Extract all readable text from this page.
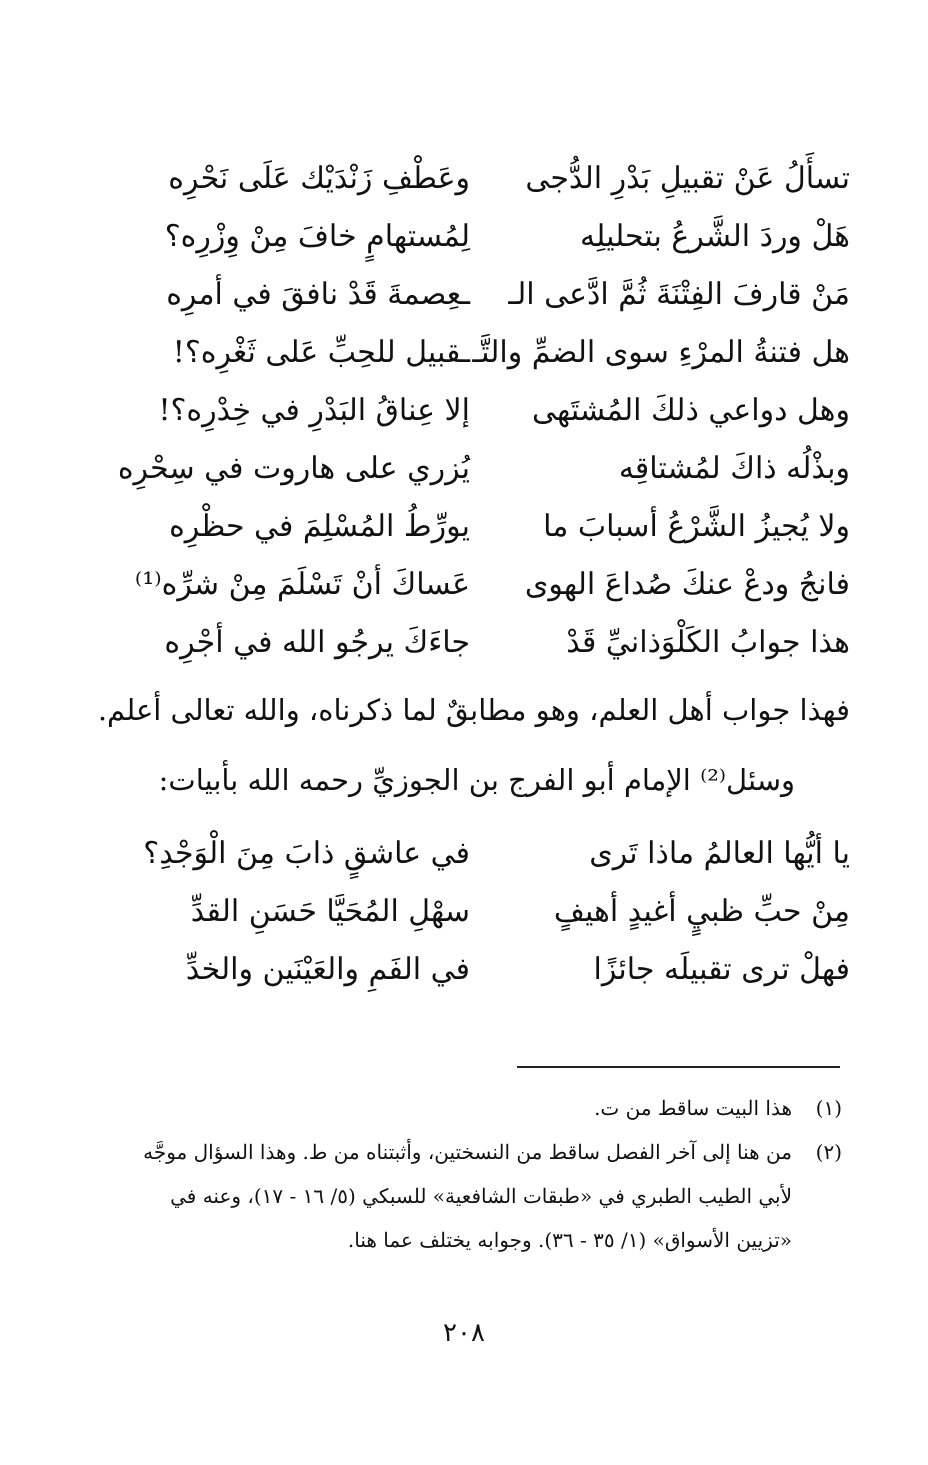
تسأَلُ عَنْ تقبيلِ بَدْرِ الدُّجى
وعَطْفِ زَنْدَيْك عَلَى نَحْرِه
هَلْ وردَ الشَّرعُ بتحليلِه
لِمُستهامٍ خافَ مِنْ وِزْرِه؟
مَنْ قارفَ الفِتْنَةَ ثُمَّ ادَّعى الـ
ـعِصمةَ قَدْ نافقَ في أمرِه
هل فتنةُ المرْءِ سوى الضمِّ والتَّـ
ـقبيل للحِبِّ عَلى ثَغْرِه؟!
وهل دواعي ذلكَ المُشتَهى
إلا عِناقُ البَدْرِ في خِدْرِه؟!
وبذْلُه ذاكَ لمُشتاقِه
يُزري على هاروت في سِحْرِه
ولا يُجيزُ الشَّرْعُ أسبابَ ما
يورِّطُ المُسْلِمَ في حظْرِه
فانجُ ودعْ عنكَ صُداعَ الهوى
عَساكَ أنْ تَسْلَمَ مِنْ شرِّه⁽¹⁾
هذا جوابُ الكَلْوَذانيِّ قَدْ
جاءَكَ يرجُو الله في أجْرِه
فهذا جواب أهل العلم، وهو مطابقٌ لما ذكرناه، والله تعالى أعلم.
وسئل⁽²⁾ الإمام أبو الفرج بن الجوزيِّ رحمه الله بأبيات:
يا أيُّها العالمُ ماذا تَرى
في عاشقٍ ذابَ مِنَ الْوَجْدِ؟
مِنْ حبِّ ظبيٍ أغيدٍ أهيفٍ
سهْلِ المُحَيَّا حَسَنِ القدِّ
فهلْ ترى تقبيلَه جائزًا
في الفَمِ والعَيْنَين والخدِّ
(١)هذا البيت ساقط من ت.
(٢)من هنا إلى آخر الفصل ساقط من النسختين، وأثبتناه من ط. وهذا السؤال موجَّه
لأبي الطيب الطبري في «طبقات الشافعية» للسبكي (٥/ ١٦ - ١٧)، وعنه في
«تزيين الأسواق» (١/ ٣٥ - ٣٦). وجوابه يختلف عما هنا.
٢٠٨
